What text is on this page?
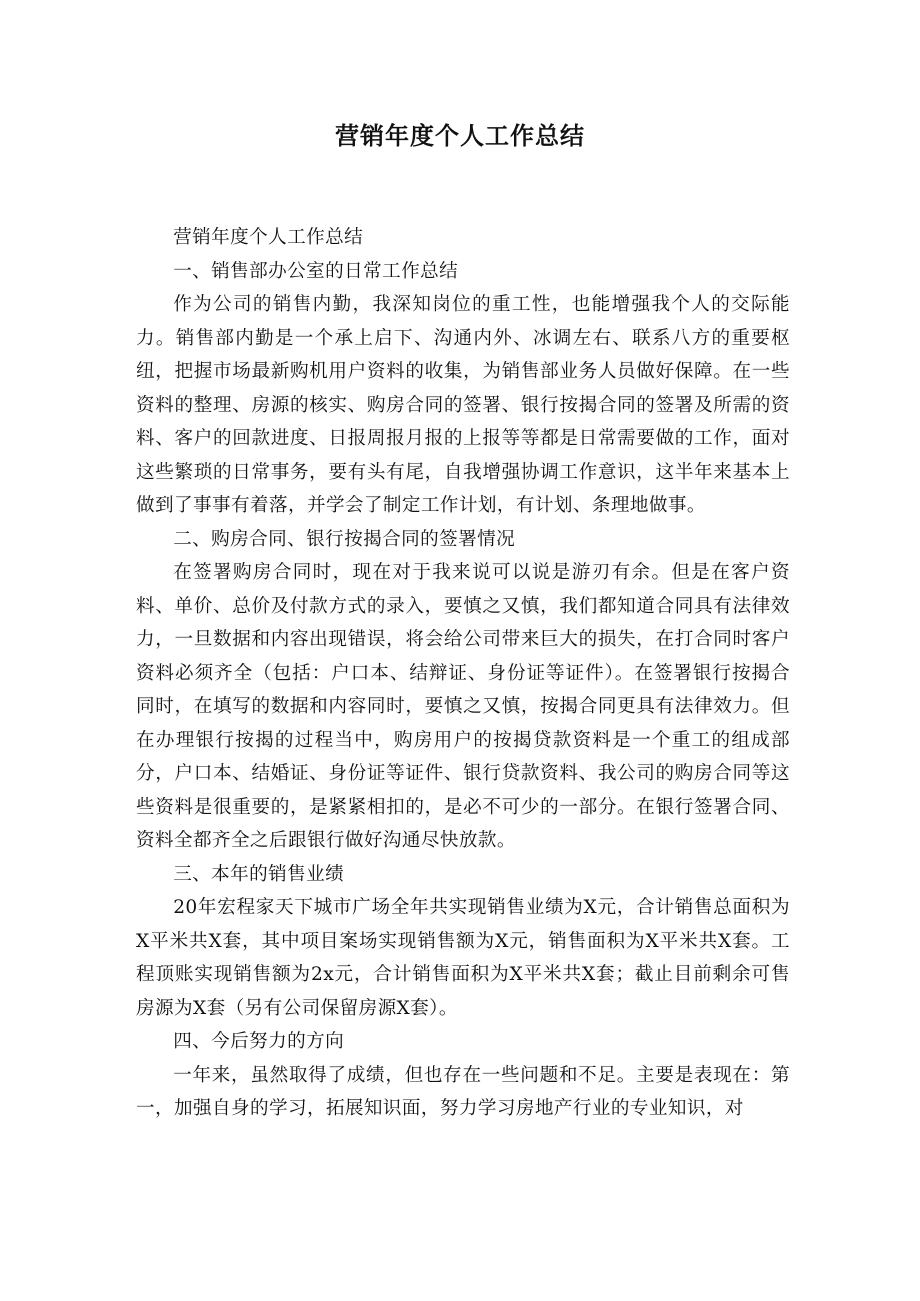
营销年度个人工作总结

营销年度个人工作总结

一、销售部办公室的日常工作总结

作为公司的销售内勤，我深知岗位的重工性，也能增强我个人的交际能力。销售部内勤是一个承上启下、沟通内外、冰调左右、联系八方的重要枢纽，把握市场最新购机用户资料的收集，为销售部业务人员做好保障。在一些资料的整理、房源的核实、购房合同的签署、银行按揭合同的签署及所需的资料、客户的回款进度、日报周报月报的上报等等都是日常需要做的工作，面对这些繁琐的日常事务，要有头有尾，自我增强协调工作意识，这半年来基本上做到了事事有着落，并学会了制定工作计划，有计划、条理地做事。

二、购房合同、银行按揭合同的签署情况

在签署购房合同时，现在对于我来说可以说是游刃有余。但是在客户资料、单价、总价及付款方式的录入，要慎之又慎，我们都知道合同具有法律效力，一旦数据和内容出现错误，将会给公司带来巨大的损失，在打合同时客户资料必须齐全（包括：户口本、结辩证、身份证等证件）。在签署银行按揭合同时，在填写的数据和内容同时，要慎之又慎，按揭合同更具有法律效力。但在办理银行按揭的过程当中，购房用户的按揭贷款资料是一个重工的组成部分，户口本、结婚证、身份证等证件、银行贷款资料、我公司的购房合同等这些资料是很重要的，是紧紧相扣的，是必不可少的一部分。在银行签署合同、资料全都齐全之后跟银行做好沟通尽快放款。

三、本年的销售业绩

20年宏程家天下城市广场全年共实现销售业绩为X元，合计销售总面积为X平米共X套，其中项目案场实现销售额为X元，销售面积为X平米共X套。工程顶账实现销售额为2x元，合计销售面积为X平米共X套；截止目前剩余可售房源为X套（另有公司保留房源X套）。

四、今后努力的方向

一年来，虽然取得了成绩，但也存在一些问题和不足。主要是表现在：第一，加强自身的学习，拓展知识面，努力学习房地产行业的专业知识，对
